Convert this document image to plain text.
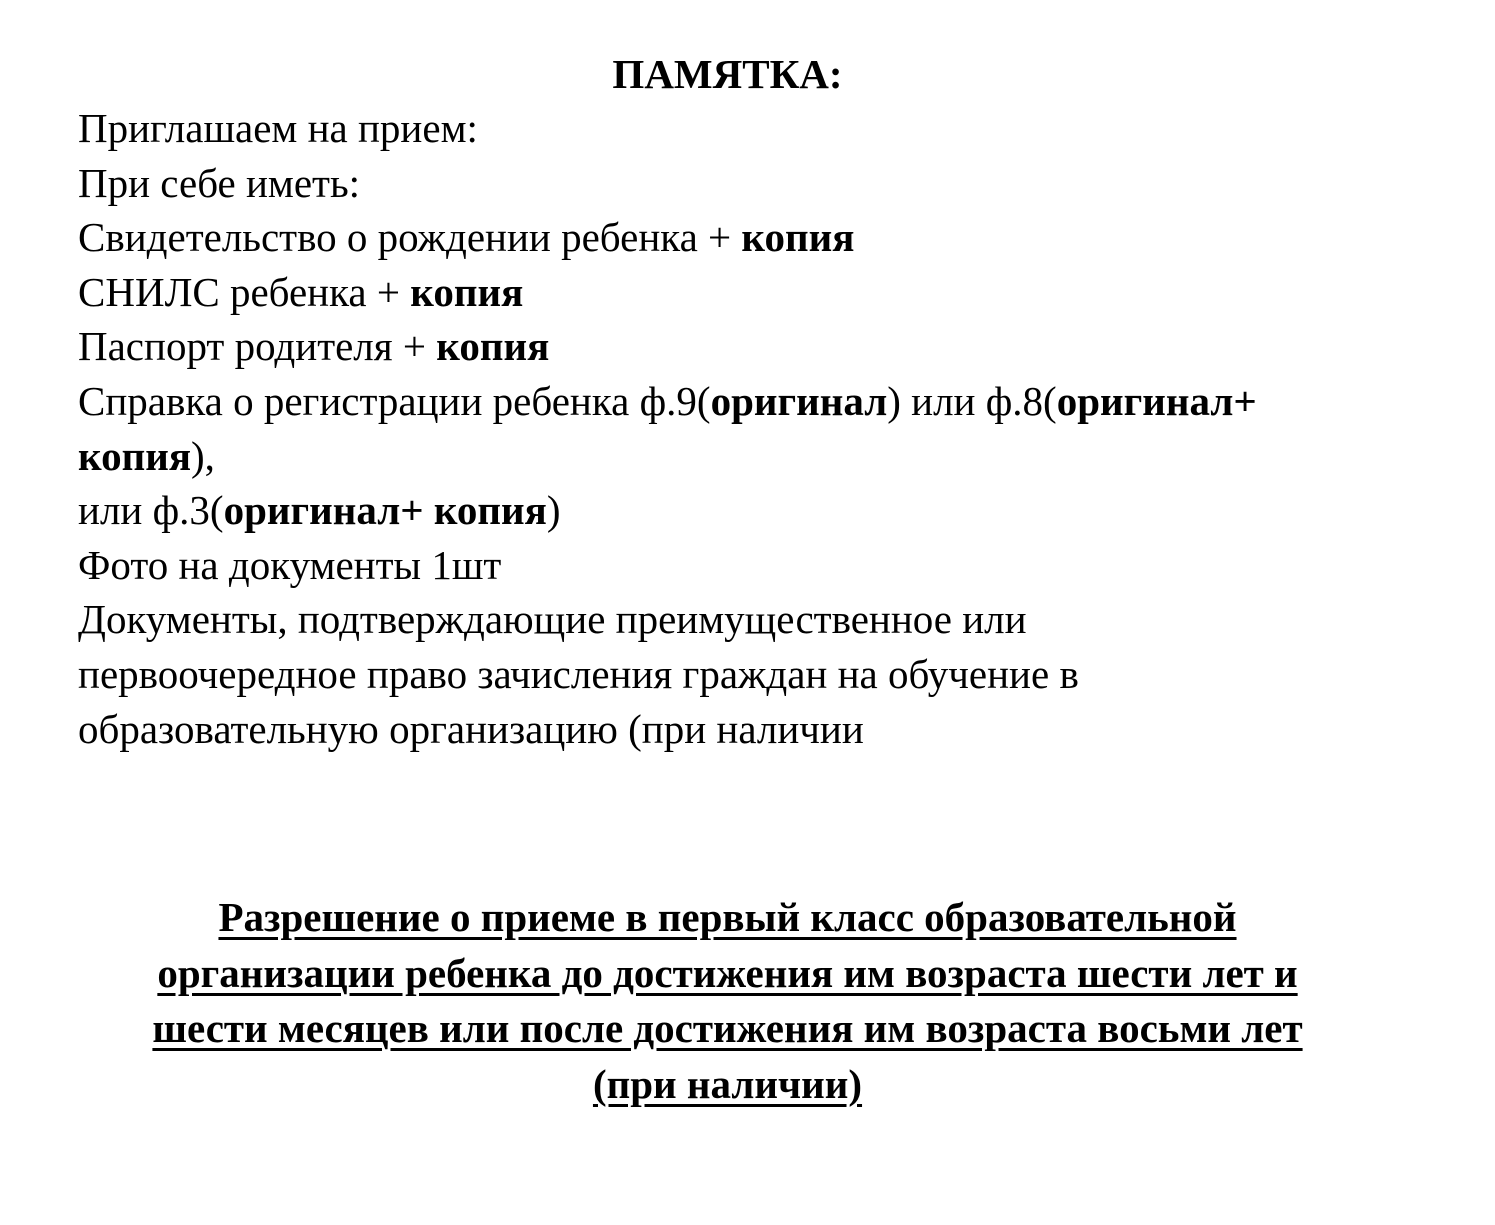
ПАМЯТКА:
Приглашаем на прием:
При себе иметь:
Свидетельство о рождении ребенка + копия
СНИЛС ребенка + копия
Паспорт родителя + копия
Справка о регистрации ребенка ф.9(оригинал) или ф.8(оригинал+
копия),
или ф.3(оригинал+ копия)
Фото на документы 1шт
Документы, подтверждающие преимущественное или
первоочередное право зачисления граждан на обучение в
образовательную организацию (при наличии
Разрешение о приеме в первый класс образовательной
организации ребенка до достижения им возраста шести лет и
шести месяцев или после достижения им возраста восьми лет
(при наличии)
